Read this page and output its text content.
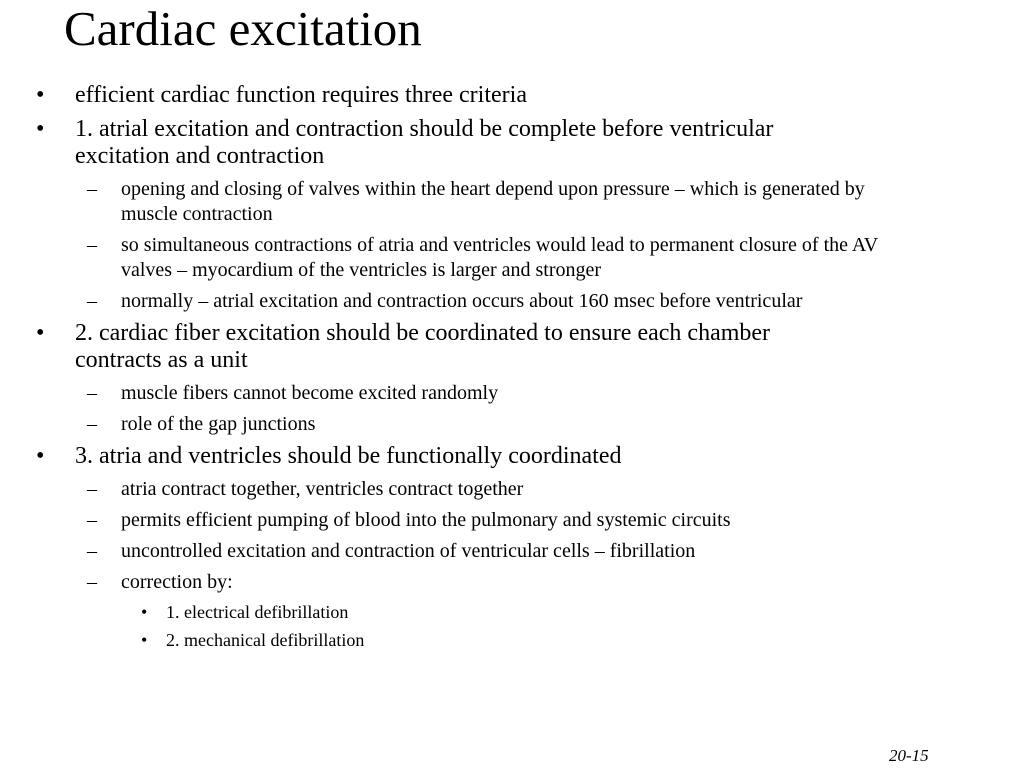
Cardiac excitation
• efficient cardiac function requires three criteria
• 1. atrial excitation and contraction should be complete before ventricular excitation and contraction
– opening and closing of valves within the heart depend upon pressure – which is generated by muscle contraction
– so simultaneous contractions of atria and ventricles would lead to permanent closure of the AV valves – myocardium of the ventricles is larger and stronger
– normally – atrial excitation and contraction occurs about 160 msec before ventricular
• 2. cardiac fiber excitation should be coordinated to ensure each chamber contracts as a unit
– muscle fibers cannot become excited randomly
– role of the gap junctions
• 3. atria and ventricles should be functionally coordinated
– atria contract together, ventricles contract together
– permits efficient pumping of blood into the pulmonary and systemic circuits
– uncontrolled excitation and contraction of ventricular cells – fibrillation
– correction by:
• 1. electrical defibrillation
• 2. mechanical defibrillation
20-15
